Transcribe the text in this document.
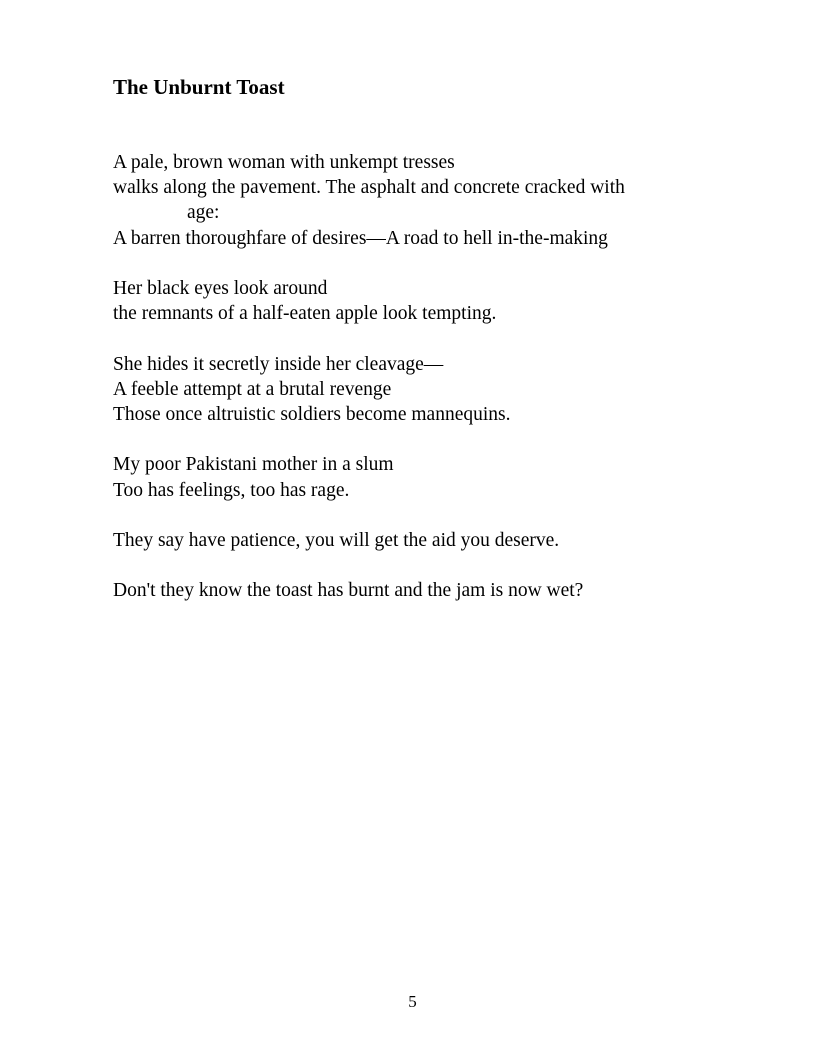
The Unburnt Toast

A pale, brown woman with unkempt tresses
walks along the pavement. The asphalt and concrete cracked with
age:
A barren thoroughfare of desires—A road to hell in-the-making

Her black eyes look around
the remnants of a half-eaten apple look tempting.

She hides it secretly inside her cleavage—
A feeble attempt at a brutal revenge
Those once altruistic soldiers become mannequins.

My poor Pakistani mother in a slum
Too has feelings, too has rage.

They say have patience, you will get the aid you deserve.

Don't they know the toast has burnt and the jam is now wet?

5
